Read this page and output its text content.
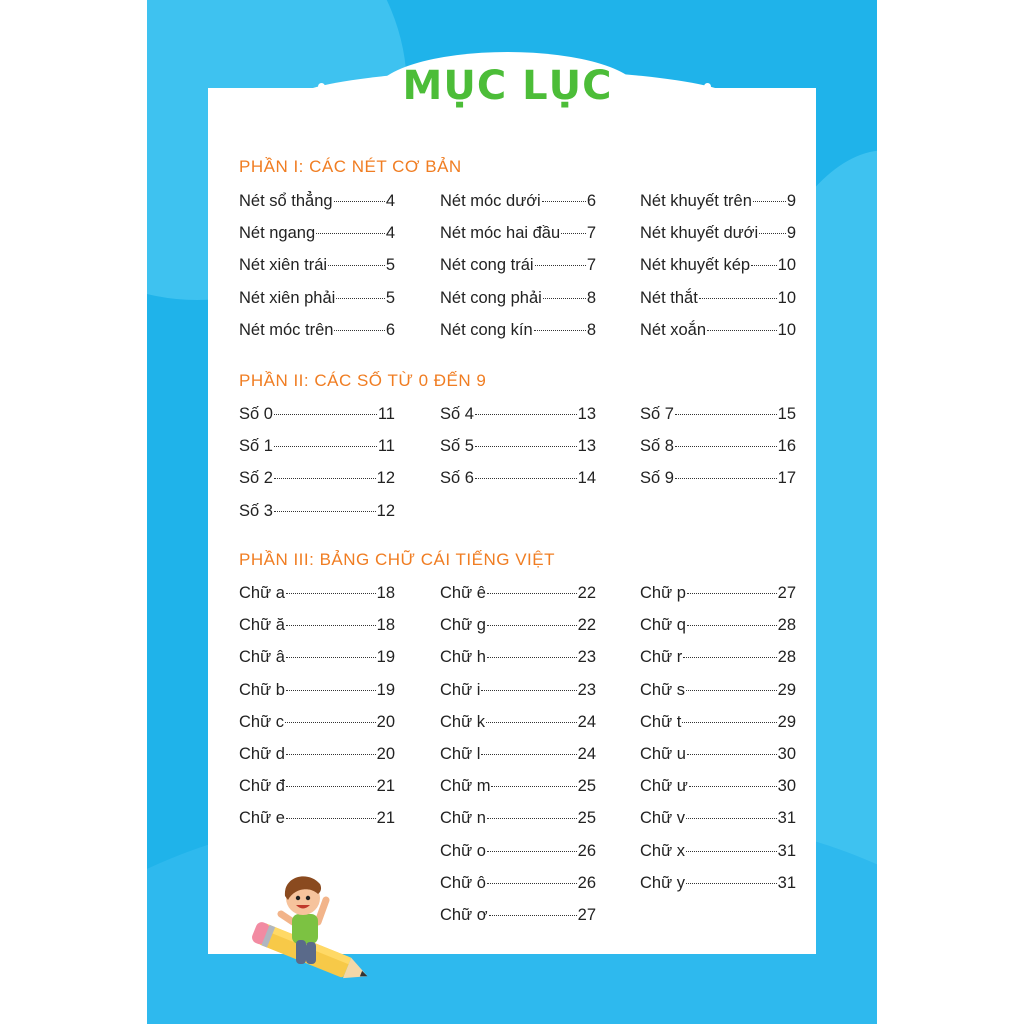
MỤC LỤC
PHẦN I: CÁC NÉT CƠ BẢN
PHẦN II: CÁC SỐ TỪ 0 ĐẾN 9
PHẦN III: BẢNG CHỮ CÁI TIẾNG VIỆT
Nét sổ thẳng	4
Nét ngang	4
Nét xiên trái	5
Nét xiên phải	5
Nét móc trên	6
Nét móc dưới	6
Nét móc hai đầu 7
Nét cong trái	7
Nét cong phải	8
Nét cong kín	8
Nét khuyết trên 9
Nét khuyết dưới 9
Nét khuyết kép 10
Nét thắt	10
Nét xoắn	10
Số 0	11
Số 1	11
Số 2	12
Số 3	12
Số 4	13
Số 5	13
Số 6	14
Số 7	15
Số 8	16
Số 9	17
Chữ a	18
Chữ ă	18
Chữ â	19
Chữ b	19
Chữ c	20
Chữ d	20
Chữ đ	21
Chữ e	21
Chữ ê	22
Chữ g	22
Chữ h	23
Chữ i	23
Chữ k	24
Chữ l	24
Chữ m	25
Chữ n	25
Chữ o	26
Chữ ô	26
Chữ ơ	27
Chữ p	27
Chữ q	28
Chữ r	28
Chữ s	29
Chữ t	29
Chữ u	30
Chữ ư	30
Chữ v	31
Chữ x	31
Chữ y	31
